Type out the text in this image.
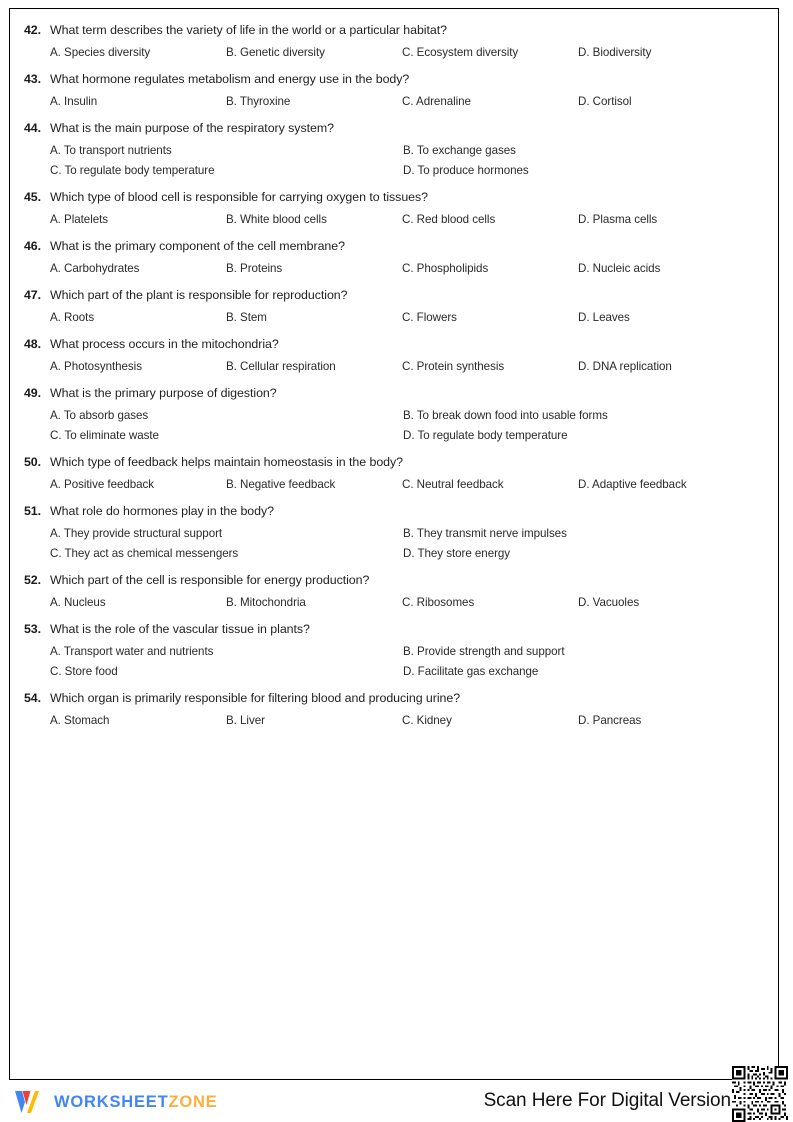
42. What term describes the variety of life in the world or a particular habitat?
A. Species diversity	B. Genetic diversity	C. Ecosystem diversity	D. Biodiversity
43. What hormone regulates metabolism and energy use in the body?
A. Insulin	B. Thyroxine	C. Adrenaline	D. Cortisol
44. What is the main purpose of the respiratory system?
A. To transport nutrients	B. To exchange gases
C. To regulate body temperature	D. To produce hormones
45. Which type of blood cell is responsible for carrying oxygen to tissues?
A. Platelets	B. White blood cells	C. Red blood cells	D. Plasma cells
46. What is the primary component of the cell membrane?
A. Carbohydrates	B. Proteins	C. Phospholipids	D. Nucleic acids
47. Which part of the plant is responsible for reproduction?
A. Roots	B. Stem	C. Flowers	D. Leaves
48. What process occurs in the mitochondria?
A. Photosynthesis	B. Cellular respiration	C. Protein synthesis	D. DNA replication
49. What is the primary purpose of digestion?
A. To absorb gases	B. To break down food into usable forms
C. To eliminate waste	D. To regulate body temperature
50. Which type of feedback helps maintain homeostasis in the body?
A. Positive feedback	B. Negative feedback	C. Neutral feedback	D. Adaptive feedback
51. What role do hormones play in the body?
A. They provide structural support	B. They transmit nerve impulses
C. They act as chemical messengers	D. They store energy
52. Which part of the cell is responsible for energy production?
A. Nucleus	B. Mitochondria	C. Ribosomes	D. Vacuoles
53. What is the role of the vascular tissue in plants?
A. Transport water and nutrients	B. Provide strength and support
C. Store food	D. Facilitate gas exchange
54. Which organ is primarily responsible for filtering blood and producing urine?
A. Stomach	B. Liver	C. Kidney	D. Pancreas
WORKSHEETZONE	Scan Here For Digital Version
